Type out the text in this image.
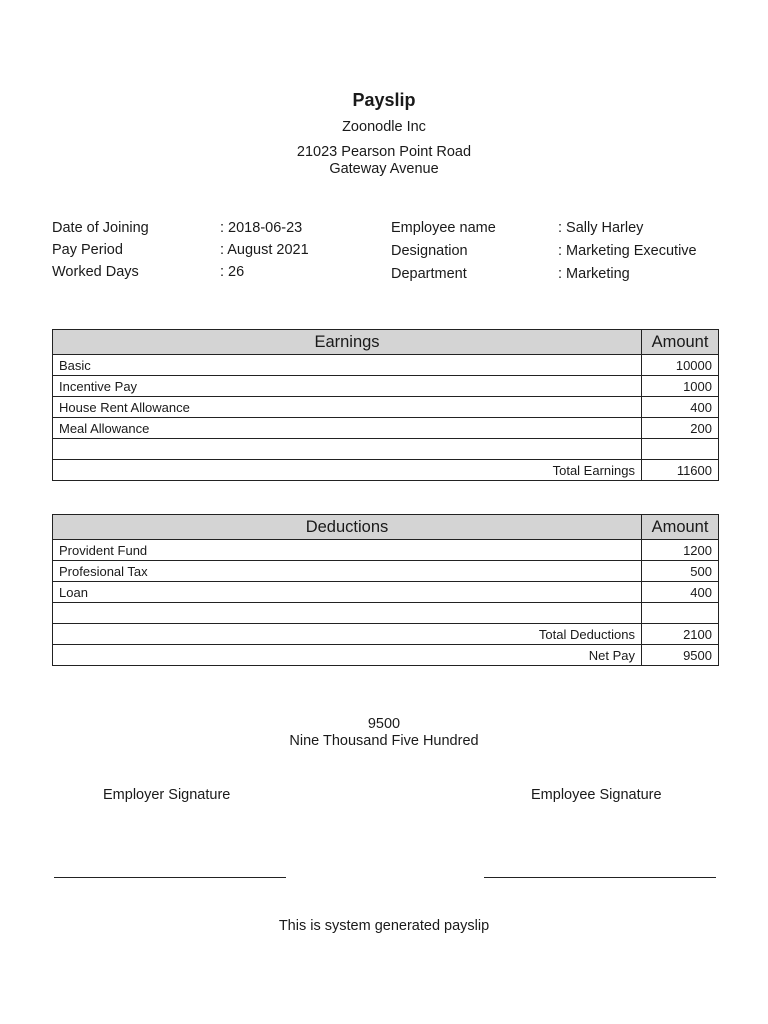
Payslip
Zoonodle Inc
21023 Pearson Point Road
Gateway Avenue
Date of Joining	: 2018-06-23
Pay Period	: August 2021
Worked Days	: 26
Employee name	: Sally Harley
Designation	: Marketing Executive
Department	: Marketing
Earnings	Amount
Basic	10000
Incentive Pay	1000
House Rent Allowance	400
Meal Allowance	200

Total Earnings	11600
Deductions	Amount
Provident Fund	1200
Profesional Tax	500
Loan	400

Total Deductions	2100
Net Pay	9500
9500
Nine Thousand Five Hundred
Employer Signature	Employee Signature
This is system generated payslip
